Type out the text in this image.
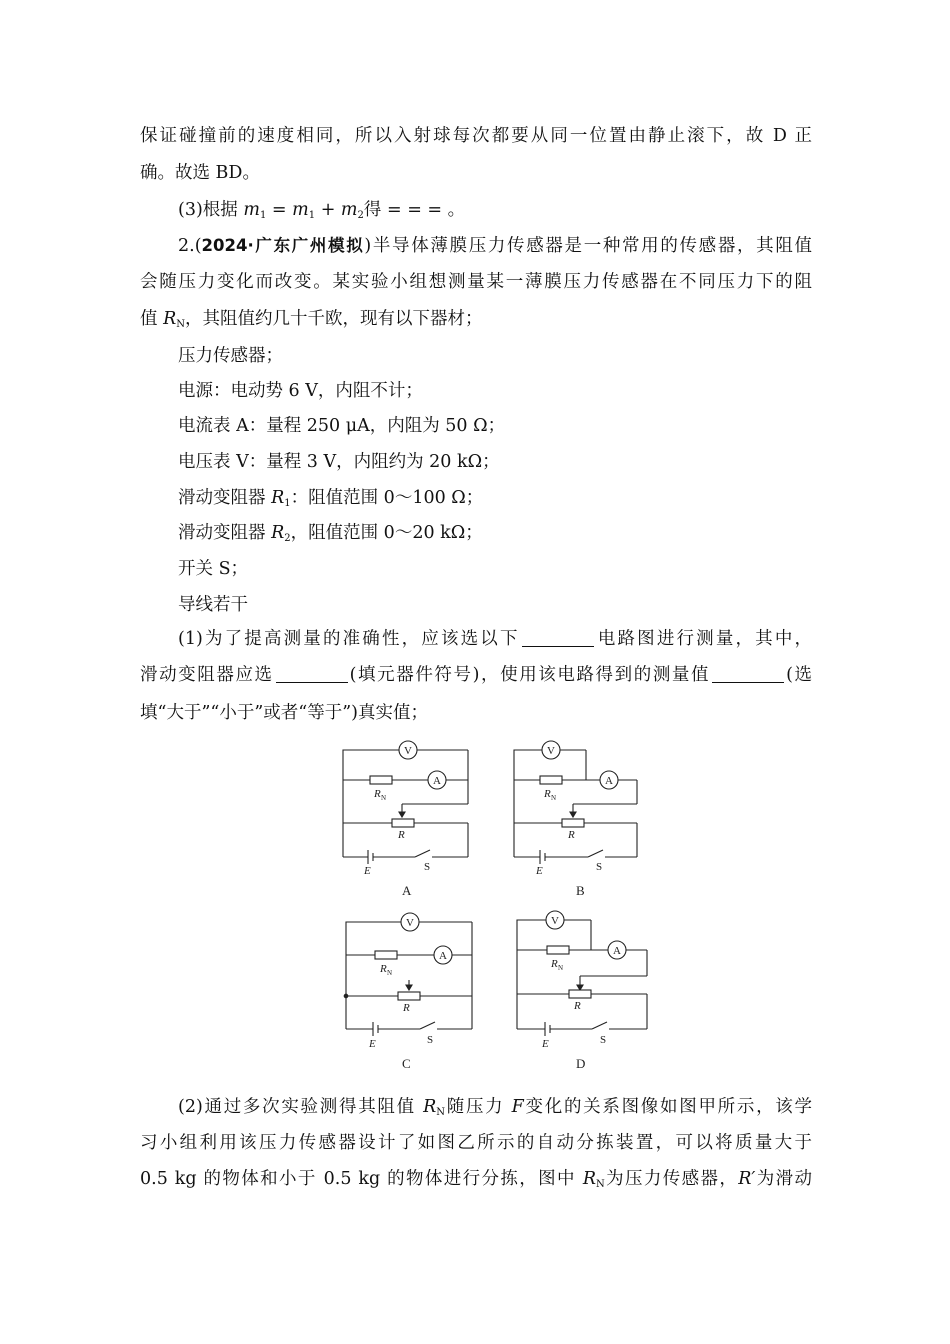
保证碰撞前的速度相同，所以入射球每次都要从同一位置由静止滚下，故 D 正
确。故选 BD。
(3)根据 $m_1 = m_1 + m_2$得 = = = 。
2.(2024·广东广州模拟)半导体薄膜压力传感器是一种常用的传感器，其阻值
会随压力变化而改变。某实验小组想测量某一薄膜压力传感器在不同压力下的阻
值 $R_N$，其阻值约几十千欧，现有以下器材；
压力传感器；
电源：电动势 6 V，内阻不计；
电流表 A：量程 250 μA，内阻为 50 Ω；
电压表 V：量程 3 V，内阻约为 20 kΩ；
滑动变阻器 $R_1$：阻值范围 0～100 Ω；
滑动变阻器 $R_2$，阻值范围 0～20 kΩ；
开关 S；
导线若干
(1)为了提高测量的准确性，应该选以下	电路图进行测量，其中，
滑动变阻器应选	(填元器件符号)，使用该电路得到的测量值	(选
填“大于”“小于”或者“等于”)真实值；
V
A
R N
R
E	S
A
V
A
R N
R
E	S
B
V
A
R N
R
E	S
C
V
A
R N
R
E	S
D
(2)通过多次实验测得其阻值 $R_N$随压力 F变化的关系图像如图甲所示，该学
习小组利用该压力传感器设计了如图乙所示的自动分拣装置，可以将质量大于
0.5 kg 的物体和小于 0.5 kg 的物体进行分拣，图中 $R_N$为压力传感器，R′为滑动
